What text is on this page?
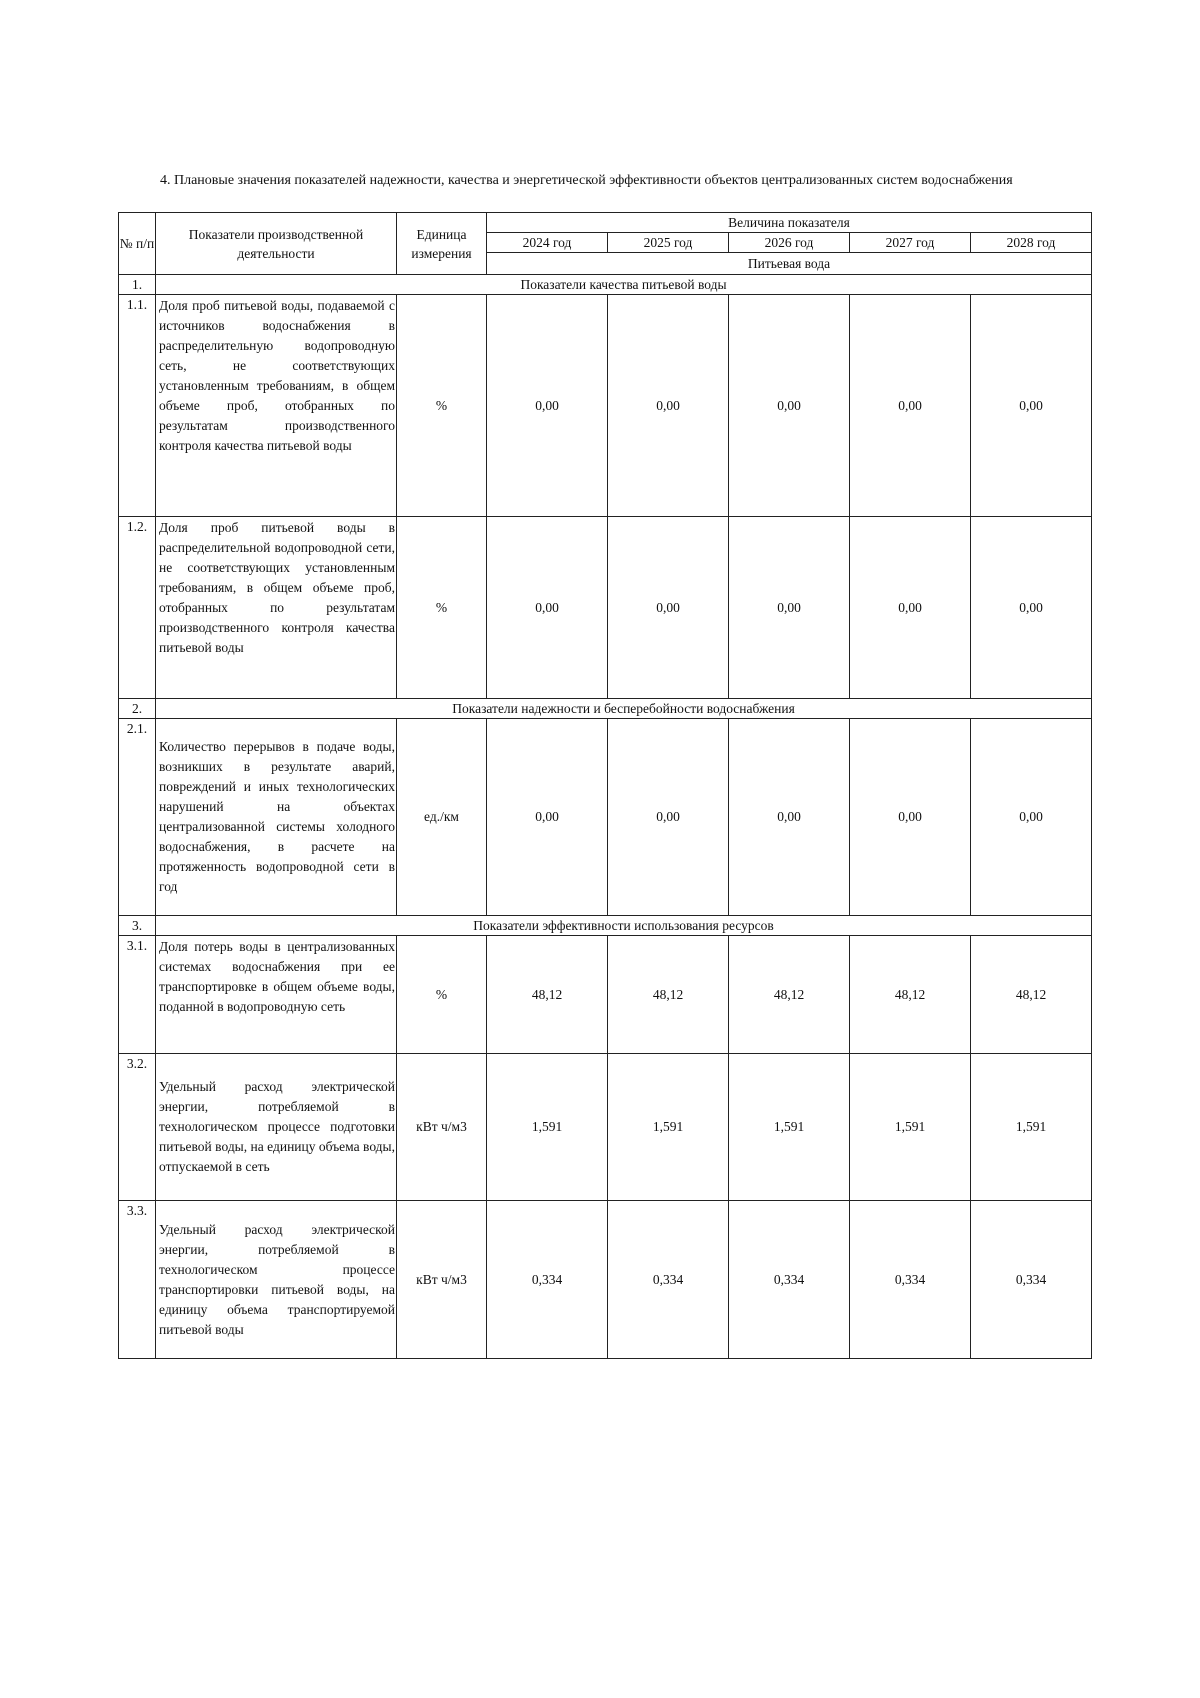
4. Плановые значения показателей надежности, качества и энергетической эффективности объектов централизованных систем водоснабжения
№ п/п	Показатели производственной деятельности	Единица измерения	Величина показателя				
			2024 год	2025 год	2026 год	2027 год	2028 год
			Питьевая вода				
1.	Показатели качества питьевой воды						
1.1.	Доля проб питьевой воды, подаваемой с источников водоснабжения в распределительную водопроводную сеть, не соответствующих установленным требованиям, в общем объеме проб, отобранных по результатам производственного контроля качества питьевой воды	%	0,00	0,00	0,00	0,00	0,00
1.2.	Доля проб питьевой воды в распределительной водопроводной сети, не соответствующих установленным требованиям, в общем объеме проб, отобранных по результатам производственного контроля качества питьевой воды	%	0,00	0,00	0,00	0,00	0,00
2.	Показатели надежности и бесперебойности водоснабжения						
2.1.	Количество перерывов в подаче воды, возникших в результате аварий, повреждений и иных технологических нарушений на объектах централизованной системы холодного водоснабжения, в расчете на протяженность водопроводной сети в год	ед./км	0,00	0,00	0,00	0,00	0,00
3.	Показатели эффективности использования ресурсов						
3.1.	Доля потерь воды в централизованных системах водоснабжения при ее транспортировке в общем объеме воды, поданной в водопроводную сеть	%	48,12	48,12	48,12	48,12	48,12
3.2.	Удельный расход электрической энергии, потребляемой в технологическом процессе подготовки питьевой воды, на единицу объема воды, отпускаемой в сеть	кВт ч/м3	1,591	1,591	1,591	1,591	1,591
3.3.	Удельный расход электрической энергии, потребляемой в технологическом процессе транспортировки питьевой воды, на единицу объема транспортируемой питьевой воды	кВт ч/м3	0,334	0,334	0,334	0,334	0,334
